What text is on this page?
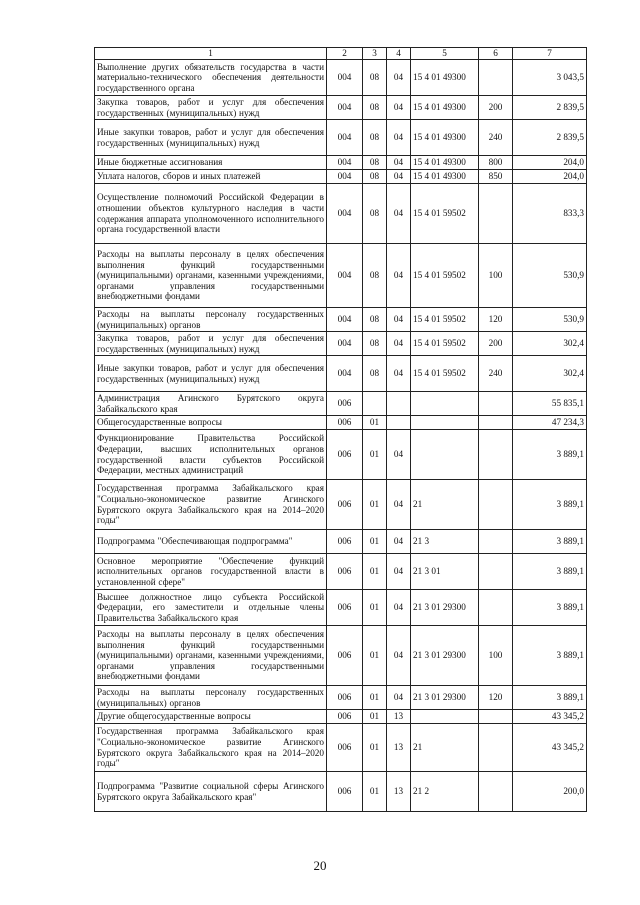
1	2	3	4	5	6	7
Выполнение других обязательств государства в части материально-технического обеспечения деятельности государственного органа	004	08	04	15 4 01 49300		3 043,5
Закупка товаров, работ и услуг для обеспечения государственных (муниципальных) нужд	004	08	04	15 4 01 49300	200	2 839,5
Иные закупки товаров, работ и услуг для обеспечения государственных (муниципальных) нужд	004	08	04	15 4 01 49300	240	2 839,5
Иные бюджетные ассигнования	004	08	04	15 4 01 49300	800	204,0
Уплата налогов, сборов и иных платежей	004	08	04	15 4 01 49300	850	204,0
Осуществление полномочий Российской Федерации в отношении объектов культурного наследия в части содержания аппарата уполномоченного исполнительного органа государственной власти	004	08	04	15 4 01 59502		833,3
Расходы на выплаты персоналу в целях обеспечения выполнения функций государственными (муниципальными) органами, казенными учреждениями, органами управления государственными внебюджетными фондами	004	08	04	15 4 01 59502	100	530,9
Расходы на выплаты персоналу государственных (муниципальных) органов	004	08	04	15 4 01 59502	120	530,9
Закупка товаров, работ и услуг для обеспечения государственных (муниципальных) нужд	004	08	04	15 4 01 59502	200	302,4
Иные закупки товаров, работ и услуг для обеспечения государственных (муниципальных) нужд	004	08	04	15 4 01 59502	240	302,4
Администрация Агинского Бурятского округа Забайкальского края	006					55 835,1
Общегосударственные вопросы	006	01				47 234,3
Функционирование Правительства Российской Федерации, высших исполнительных органов государственной власти субъектов Российской Федерации, местных администраций	006	01	04			3 889,1
Государственная программа Забайкальского края "Социально-экономическое развитие Агинского Бурятского округа Забайкальского края на 2014–2020 годы"	006	01	04	21		3 889,1
Подпрограмма "Обеспечивающая подпрограмма"	006	01	04	21 3		3 889,1
Основное мероприятие "Обеспечение функций исполнительных органов государственной власти в установленной сфере"	006	01	04	21 3 01		3 889,1
Высшее должностное лицо субъекта Российской Федерации, его заместители и отдельные члены Правительства Забайкальского края	006	01	04	21 3 01 29300		3 889,1
Расходы на выплаты персоналу в целях обеспечения выполнения функций государственными (муниципальными) органами, казенными учреждениями, органами управления государственными внебюджетными фондами	006	01	04	21 3 01 29300	100	3 889,1
Расходы на выплаты персоналу государственных (муниципальных) органов	006	01	04	21 3 01 29300	120	3 889,1
Другие общегосударственные вопросы	006	01	13			43 345,2
Государственная программа Забайкальского края "Социально-экономическое развитие Агинского Бурятского округа Забайкальского края на 2014–2020 годы"	006	01	13	21		43 345,2
Подпрограмма "Развитие социальной сферы Агинского Бурятского округа Забайкальского края"	006	01	13	21 2		200,0
20
